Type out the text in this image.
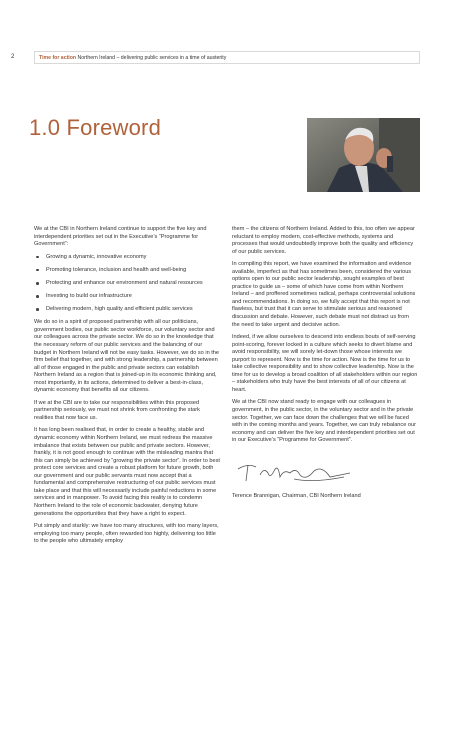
2	Time for action Northern Ireland – delivering public services in a time of austerity
1.0 Foreword

We at the CBI in Northern Ireland continue to support the five key and interdependent priorities set out in the Executive’s “Programme for Government”:

Growing a dynamic, innovative economy
Promoting tolerance, inclusion and health and well-being
Protecting and enhance our environment and natural resources
Investing to build our infrastructure
Delivering modern, high quality and efficient public services

We do so in a spirit of proposed partnership with all our politicians, government bodies, our public sector workforce, our voluntary sector and our colleagues across the private sector. We do so in the knowledge that the necessary reform of our public services and the balancing of our budget in Northern Ireland will not be easy tasks. However, we do so in the firm belief that together, and with strong leadership, a partnership between all of those engaged in the public and private sectors can establish Northern Ireland as a region that is joined-up in its economic thinking and, most importantly, in its actions, determined to deliver a best-in-class, dynamic economy that benefits all our citizens.

If we at the CBI are to take our responsibilities within this proposed partnership seriously, we must not shrink from confronting the stark realities that now face us.

It has long been realised that, in order to create a healthy, stable and dynamic economy within Northern Ireland, we must redress the massive imbalance that exists between our public and private sectors. However, frankly, it is not good enough to continue with the misleading mantra that this can simply be achieved by “growing the private sector”. In order to best protect core services and create a robust platform for future growth, both our government and our public servants must now accept that a fundamental and comprehensive restructuring of our public services must take place and that this will necessarily include painful reductions in some services and in manpower. To avoid facing this reality is to condemn Northern Ireland to the role of economic backwater, denying future generations the opportunities that they have a right to expect.

Put simply and starkly: we have too many structures, with too many layers, employing too many people, often rewarded too highly, delivering too little to the people who ultimately employ

them – the citizens of Northern Ireland. Added to this, too often we appear reluctant to employ modern, cost-effective methods, systems and processes that would undoubtedly improve both the quality and efficiency of our public services.

In compiling this report, we have examined the information and evidence available, imperfect as that has sometimes been, considered the various options open to our public sector leadership, sought examples of best practice to guide us – some of which have come from within Northern Ireland – and proffered sometimes radical, perhaps controversial solutions and recommendations. In doing so, we fully accept that this report is not flawless, but trust that it can serve to stimulate serious and reasoned discussion and debate. However, such debate must not distract us from the need to take urgent and decisive action.

Indeed, if we allow ourselves to descend into endless bouts of self-serving point-scoring, forever locked in a culture which seeks to divert blame and avoid responsibility, we will sorely let-down those whose interests we purport to represent. Now is the time for action. Now is the time for us to take collective responsibility and to show collective leadership. Now is the time for us to develop a broad coalition of all stakeholders within our region – stakeholders who truly have the best interests of all of our citizens at heart.

We at the CBI now stand ready to engage with our colleagues in government, in the public sector, in the voluntary sector and in the private sector. Together, we can face down the challenges that we will be faced with in the coming months and years. Together, we can truly rebalance our economy and can deliver the five key and interdependent priorities set out in our Executive’s “Programme for Government”.

Terence Brannigan, Chairman, CBI Northern Ireland
